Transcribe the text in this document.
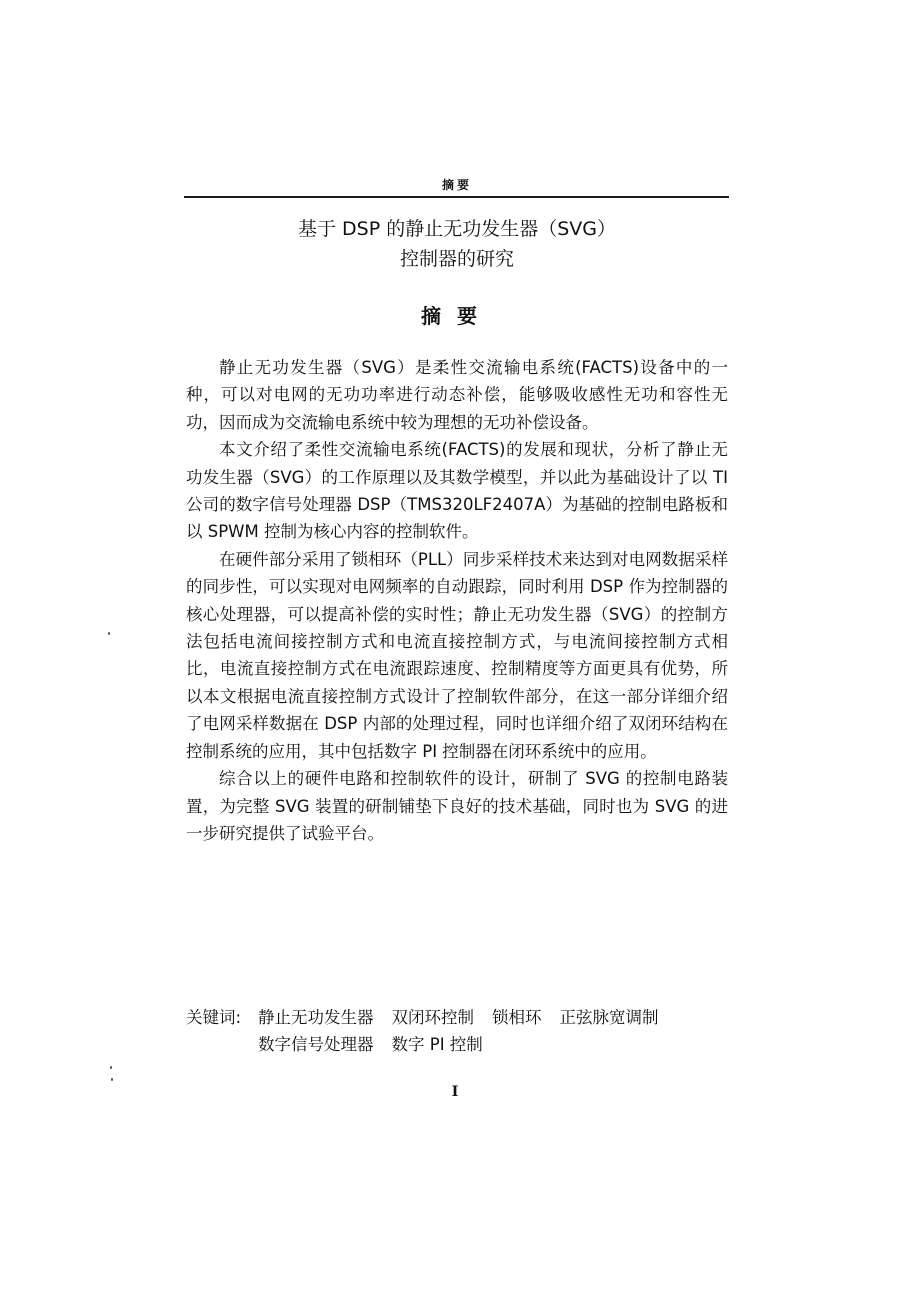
摘要
基于 DSP 的静止无功发生器（SVG）
控制器的研究
摘要

静止无功发生器（SVG）是柔性交流输电系统(FACTS)设备中的一种，可以对电网的无功功率进行动态补偿，能够吸收感性无功和容性无功，因而成为交流输电系统中较为理想的无功补偿设备。

本文介绍了柔性交流输电系统(FACTS)的发展和现状，分析了静止无功发生器（SVG）的工作原理以及其数学模型，并以此为基础设计了以 TI 公司的数字信号处理器 DSP（TMS320LF2407A）为基础的控制电路板和以 SPWM 控制为核心内容的控制软件。

在硬件部分采用了锁相环（PLL）同步采样技术来达到对电网数据采样的同步性，可以实现对电网频率的自动跟踪，同时利用 DSP 作为控制器的核心处理器，可以提高补偿的实时性；静止无功发生器（SVG）的控制方法包括电流间接控制方式和电流直接控制方式，与电流间接控制方式相比，电流直接控制方式在电流跟踪速度、控制精度等方面更具有优势，所以本文根据电流直接控制方式设计了控制软件部分，在这一部分详细介绍了电网采样数据在 DSP 内部的处理过程，同时也详细介绍了双闭环结构在控制系统的应用，其中包括数字 PI 控制器在闭环系统中的应用。

综合以上的硬件电路和控制软件的设计，研制了 SVG 的控制电路装置，为完整 SVG 装置的研制铺垫下良好的技术基础，同时也为 SVG 的进一步研究提供了试验平台。

关键词: 静止无功发生器 双闭环控制 锁相环 正弦脉宽调制
数字信号处理器 数字 PI 控制
I
